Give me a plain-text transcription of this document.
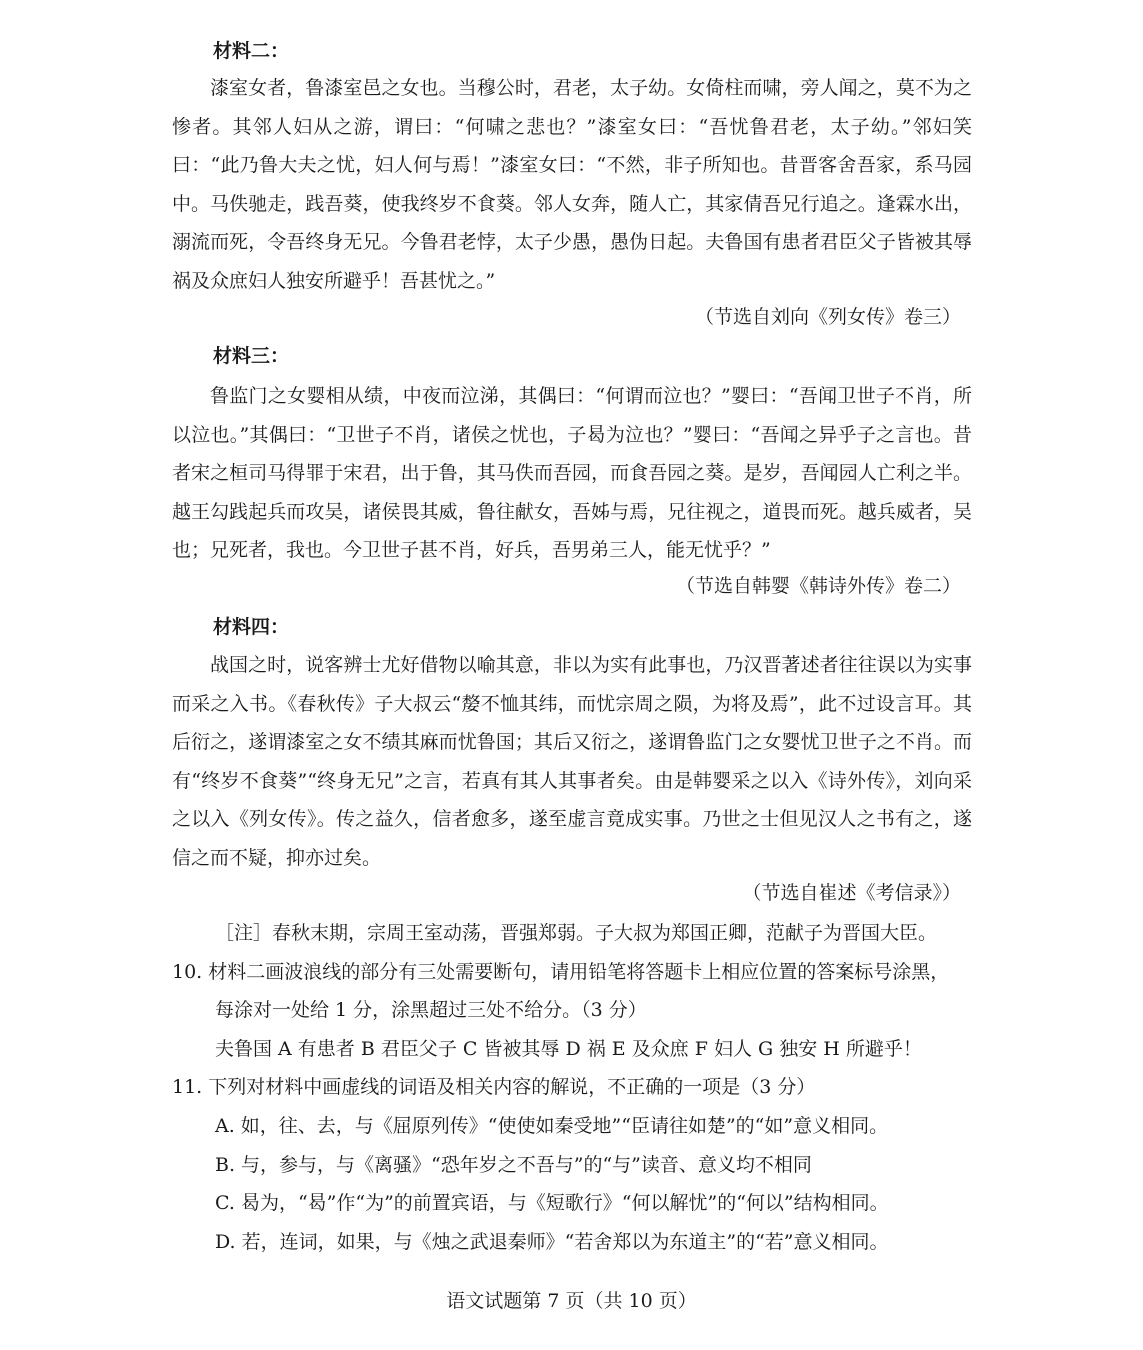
材料二：
漆室女者，鲁漆室邑之女也。当穆公时，君老，太子幼。女倚柱而啸，旁人闻之，莫不为之惨者。其邻人妇从之游，谓曰：“何啸之悲也？”漆室女曰：“吾忧鲁君老，太子幼。”邻妇笑曰：“此乃鲁大夫之忧，妇人何与焉！”漆室女曰：“不然，非子所知也。昔晋客舍吾家，系马园中。马佚驰走，践吾葵，使我终岁不食葵。邻人女奔，随人亡，其家倩吾兄行追之。逢霖水出，溺流而死，令吾终身无兄。今鲁君老悖，太子少愚，愚伪日起。夫鲁国有患者君臣父子皆被其辱祸及众庶妇人独安所避乎！吾甚忧之。”
（节选自刘向《列女传》卷三）
材料三：
鲁监门之女婴相从绩，中夜而泣涕，其偶曰：“何谓而泣也？”婴曰：“吾闻卫世子不肖，所以泣也。”其偶曰：“卫世子不肖，诸侯之忧也，子曷为泣也？”婴曰：“吾闻之异乎子之言也。昔者宋之桓司马得罪于宋君，出于鲁，其马佚而吾园，而食吾园之葵。是岁，吾闻园人亡利之半。越王勾践起兵而攻吴，诸侯畏其威，鲁往献女，吾姊与焉，兄往视之，道畏而死。越兵威者，吴也；兄死者，我也。今卫世子甚不肖，好兵，吾男弟三人，能无忧乎？”
（节选自韩婴《韩诗外传》卷二）
材料四：
战国之时，说客辨士尤好借物以喻其意，非以为实有此事也，乃汉晋著述者往往误以为实事而采之入书。《春秋传》子大叔云“嫠不恤其纬，而忧宗周之陨，为将及焉”，此不过设言耳。其后衍之，遂谓漆室之女不绩其麻而忧鲁国；其后又衍之，遂谓鲁监门之女婴忧卫世子之不肖。而有“终岁不食葵”“终身无兄”之言，若真有其人其事者矣。由是韩婴采之以入《诗外传》，刘向采之以入《列女传》。传之益久，信者愈多，遂至虚言竟成实事。乃世之士但见汉人之书有之，遂信之而不疑，抑亦过矣。
（节选自崔述《考信录》）
［注］春秋末期，宗周王室动荡，晋强郑弱。子大叔为郑国正卿，范献子为晋国大臣。
10. 材料二画波浪线的部分有三处需要断句，请用铅笔将答题卡上相应位置的答案标号涂黑，
每涂对一处给 1 分，涂黑超过三处不给分。（3 分）
夫鲁国 A 有患者 B 君臣父子 C 皆被其辱 D 祸 E 及众庶 F 妇人 G 独安 H 所避乎！
11. 下列对材料中画虚线的词语及相关内容的解说，不正确的一项是（3 分）
A. 如，往、去，与《屈原列传》“使使如秦受地”“臣请往如楚”的“如”意义相同。
B. 与，参与，与《离骚》“恐年岁之不吾与”的“与”读音、意义均不相同
C. 曷为，“曷”作“为”的前置宾语，与《短歌行》“何以解忧”的“何以”结构相同。
D. 若，连词，如果，与《烛之武退秦师》“若舍郑以为东道主”的“若”意义相同。
语文试题第 7 页（共 10 页）
